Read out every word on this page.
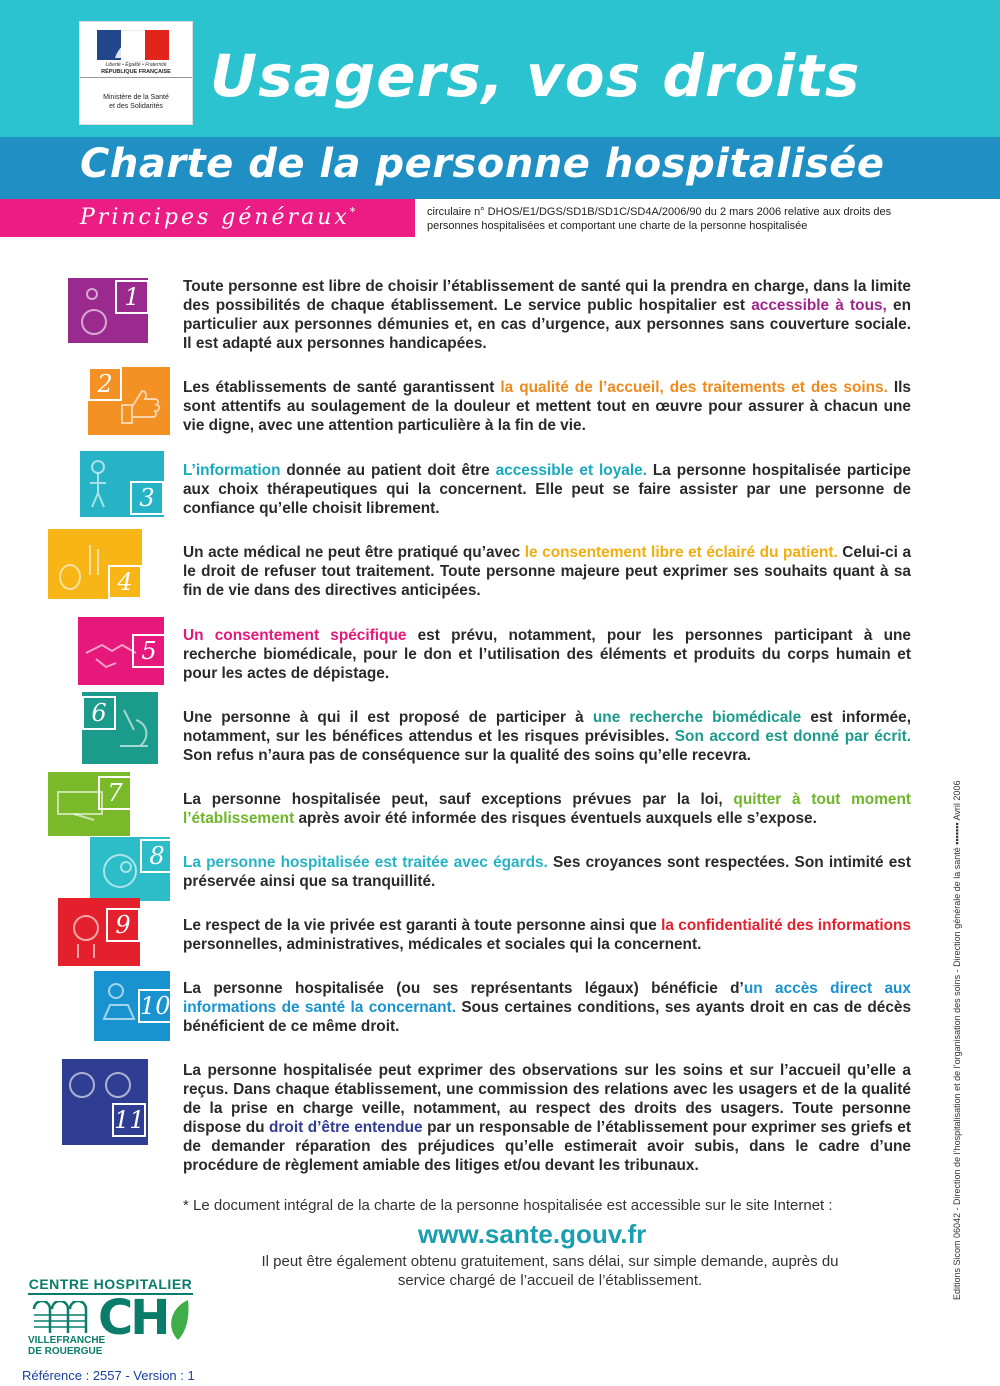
Liberté • Égalité • Fraternité
RÉPUBLIQUE FRANÇAISE
Ministère de la Santé
et des Solidarités Usagers, vos droits
Charte de la personne hospitalisée
Principes généraux*	circulaire n° DHOS/E1/DGS/SD1B/SD1C/SD4A/2006/90 du 2 mars 2006 relative aux droits des personnes hospitalisées et comportant une charte de la personne hospitalisée
1
2
3
4
5
6
7
8
9
10
11
Toute personne est libre de choisir l’établissement de santé qui la prendra en charge, dans la limite des possibilités de chaque établissement. Le service public hospitalier est accessible à tous, en particulier aux personnes démunies et, en cas d’urgence, aux personnes sans couverture sociale. Il est adapté aux personnes handicapées.
Les établissements de santé garantissent la qualité de l’accueil, des traitements et des soins. Ils sont attentifs au soulagement de la douleur et mettent tout en œuvre pour assurer à chacun une vie digne, avec une attention particulière à la fin de vie.
L’information donnée au patient doit être accessible et loyale. La personne hospitalisée participe aux choix thérapeutiques qui la concernent. Elle peut se faire assister par une personne de confiance qu’elle choisit librement.
Un acte médical ne peut être pratiqué qu’avec le consentement libre et éclairé du patient. Celui-ci a le droit de refuser tout traitement. Toute personne majeure peut exprimer ses souhaits quant à sa fin de vie dans des directives anticipées.
Un consentement spécifique est prévu, notamment, pour les personnes participant à une recherche biomédicale, pour le don et l’utilisation des éléments et produits du corps humain et pour les actes de dépistage.
Une personne à qui il est proposé de participer à une recherche biomédicale est informée, notamment, sur les bénéfices attendus et les risques prévisibles. Son accord est donné par écrit. Son refus n’aura pas de conséquence sur la qualité des soins qu’elle recevra.
La personne hospitalisée peut, sauf exceptions prévues par la loi, quitter à tout moment l’établissement après avoir été informée des risques éventuels auxquels elle s’expose.
La personne hospitalisée est traitée avec égards. Ses croyances sont respectées. Son intimité est préservée ainsi que sa tranquillité.
Le respect de la vie privée est garanti à toute personne ainsi que la confidentialité des informations personnelles, administratives, médicales et sociales qui la concernent.
La personne hospitalisée (ou ses représentants légaux) bénéficie d’un accès direct aux informations de santé la concernant. Sous certaines conditions, ses ayants droit en cas de décès bénéficient de ce même droit.
La personne hospitalisée peut exprimer des observations sur les soins et sur l’accueil qu’elle a reçus. Dans chaque établissement, une commission des relations avec les usagers et de la qualité de la prise en charge veille, notamment, au respect des droits des usagers. Toute personne dispose du droit d’être entendue par un responsable de l’établissement pour exprimer ses griefs et de demander réparation des préjudices qu’elle estimerait avoir subis, dans le cadre d’une procédure de règlement amiable des litiges et/ou devant les tribunaux.
* Le document intégral de la charte de la personne hospitalisée est accessible sur le site Internet :
www.sante.gouv.fr
Il peut être également obtenu gratuitement, sans délai, sur simple demande, auprès du service chargé de l’accueil de l’établissement.	Editions Sicom 06042 - Direction de l’hospitalisation et de l’organisation des soins - Direction générale de la santé ▪▪▪▪▪▪▪ Avril 2006
CENTRE HOSPITALIER
CH
VILLEFRANCHE
DE ROUERGUE
Référence : 2557 - Version : 1
